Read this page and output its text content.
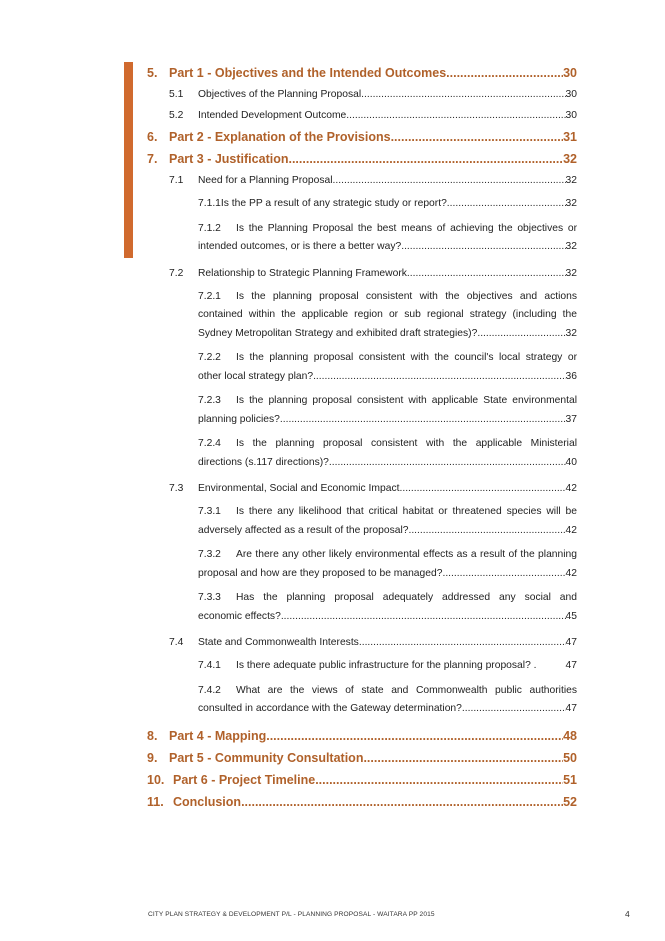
5. Part 1 - Objectives and the Intended Outcomes .....	30
5.1	Objectives of the Planning Proposal .....	30
5.2	Intended Development Outcome .....	30
6. Part 2 - Explanation of the Provisions .....	31
7. Part 3 - Justification .....	32
7.1	Need for a Planning Proposal .....	32
7.1.1 Is the PP a result of any strategic study or report? .....	32
7.1.2 Is the Planning Proposal the best means of achieving the objectives or
intended outcomes, or is there a better way? .....	32
7.2	Relationship to Strategic Planning Framework .....	32
7.2.1 Is the planning proposal consistent with the objectives and actions
contained within the applicable region or sub regional strategy (including the
Sydney Metropolitan Strategy and exhibited draft strategies)? .....	32
7.2.2 Is the planning proposal consistent with the council's local strategy or
other local strategy plan? .....	36
7.2.3 Is the planning proposal consistent with applicable State environmental
planning policies? .....	37
7.2.4 Is the planning proposal consistent with the applicable Ministerial
directions (s.117 directions)? .....	40
7.3	Environmental, Social and Economic Impact .....	42
7.3.1 Is there any likelihood that critical habitat or threatened species will be
adversely affected as a result of the proposal? .....	42
7.3.2 Are there any other likely environmental effects as a result of the planning
proposal and how are they proposed to be managed? .....	42
7.3.3 Has the planning proposal adequately addressed any social and
economic effects? .....	45
7.4	State and Commonwealth Interests .....	47
7.4.1	Is there adequate public infrastructure for the planning proposal? .	47
7.4.2 What are the views of state and Commonwealth public authorities
consulted in accordance with the Gateway determination? .....	47
8. Part 4 - Mapping .....	48
9. Part 5 - Community Consultation .....	50
10. Part 6 - Project Timeline .....	51
11. Conclusion .....	52
CITY PLAN STRATEGY & DEVELOPMENT P/L - PLANNING PROPOSAL - WAITARA PP 2015	4
